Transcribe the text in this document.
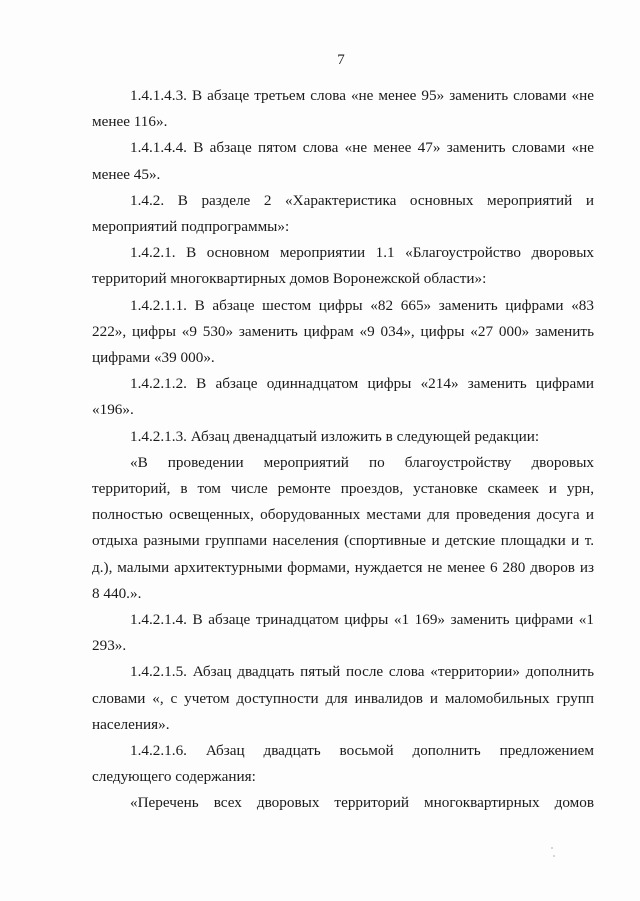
7

1.4.1.4.3. В абзаце третьем слова «не менее 95» заменить словами «не менее 116».

1.4.1.4.4. В абзаце пятом слова «не менее 47» заменить словами «не менее 45».

1.4.2. В разделе 2 «Характеристика основных мероприятий и мероприятий подпрограммы»:

1.4.2.1. В основном мероприятии 1.1 «Благоустройство дворовых территорий многоквартирных домов Воронежской области»:

1.4.2.1.1. В абзаце шестом цифры «82 665» заменить цифрами «83 222», цифры «9 530» заменить цифрам «9 034», цифры «27 000» заменить цифрами «39 000».

1.4.2.1.2. В абзаце одиннадцатом цифры «214» заменить цифрами «196».

1.4.2.1.3. Абзац двенадцатый изложить в следующей редакции:

«В проведении мероприятий по благоустройству дворовых территорий, в том числе ремонте проездов, установке скамеек и урн, полностью освещенных, оборудованных местами для проведения досуга и отдыха разными группами населения (спортивные и детские площадки и т. д.), малыми архитектурными формами, нуждается не менее 6 280 дворов из 8 440.».

1.4.2.1.4. В абзаце тринадцатом цифры «1 169» заменить цифрами «1 293».

1.4.2.1.5. Абзац двадцать пятый после слова «территории» дополнить словами «, с учетом доступности для инвалидов и маломобильных групп населения».

1.4.2.1.6. Абзац двадцать восьмой дополнить предложением следующего содержания:

«Перечень всех дворовых территорий многоквартирных домов
